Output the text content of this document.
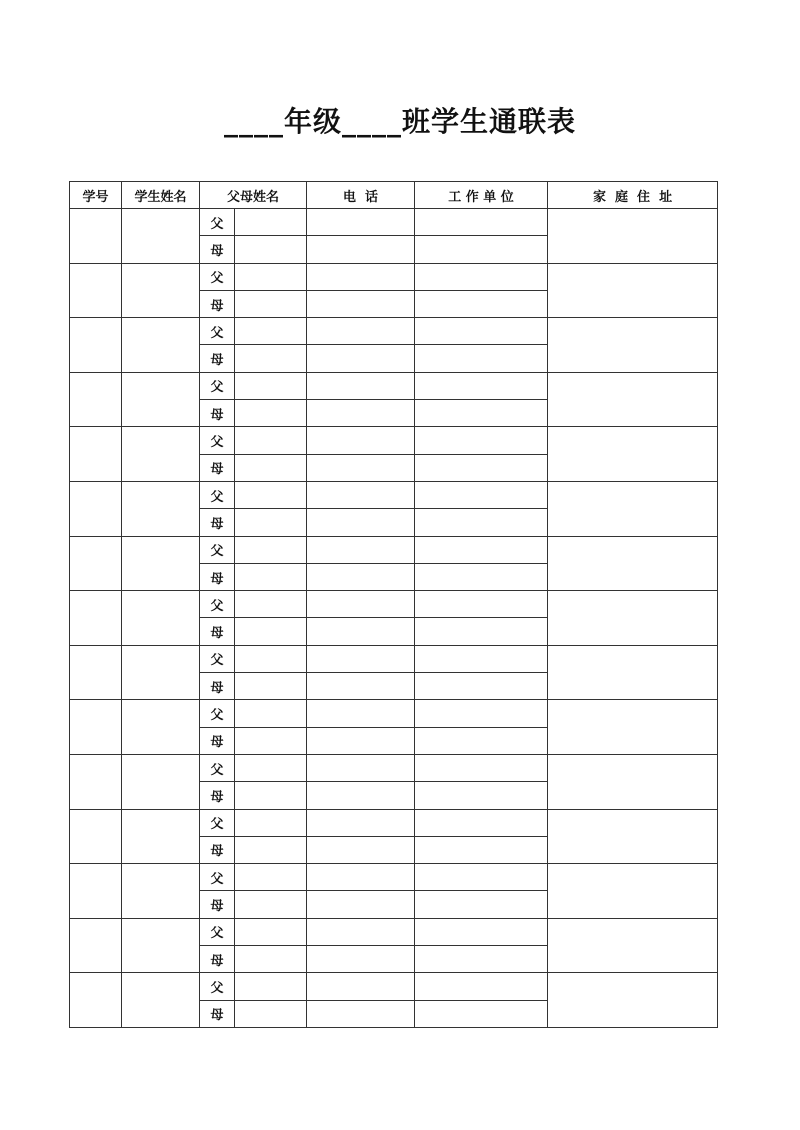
____年级____班学生通联表
学号	学生姓名	父母姓名		电  话	工 作 单 位	家  庭  住  址
		父				
		母				
		父				
		母				
		父				
		母				
		父				
		母				
		父				
		母				
		父				
		母				
		父				
		母				
		父				
		母				
		父				
		母				
		父				
		母				
		父				
		母				
		父				
		母				
		父				
		母				
		父				
		母				
		父				
		母				
